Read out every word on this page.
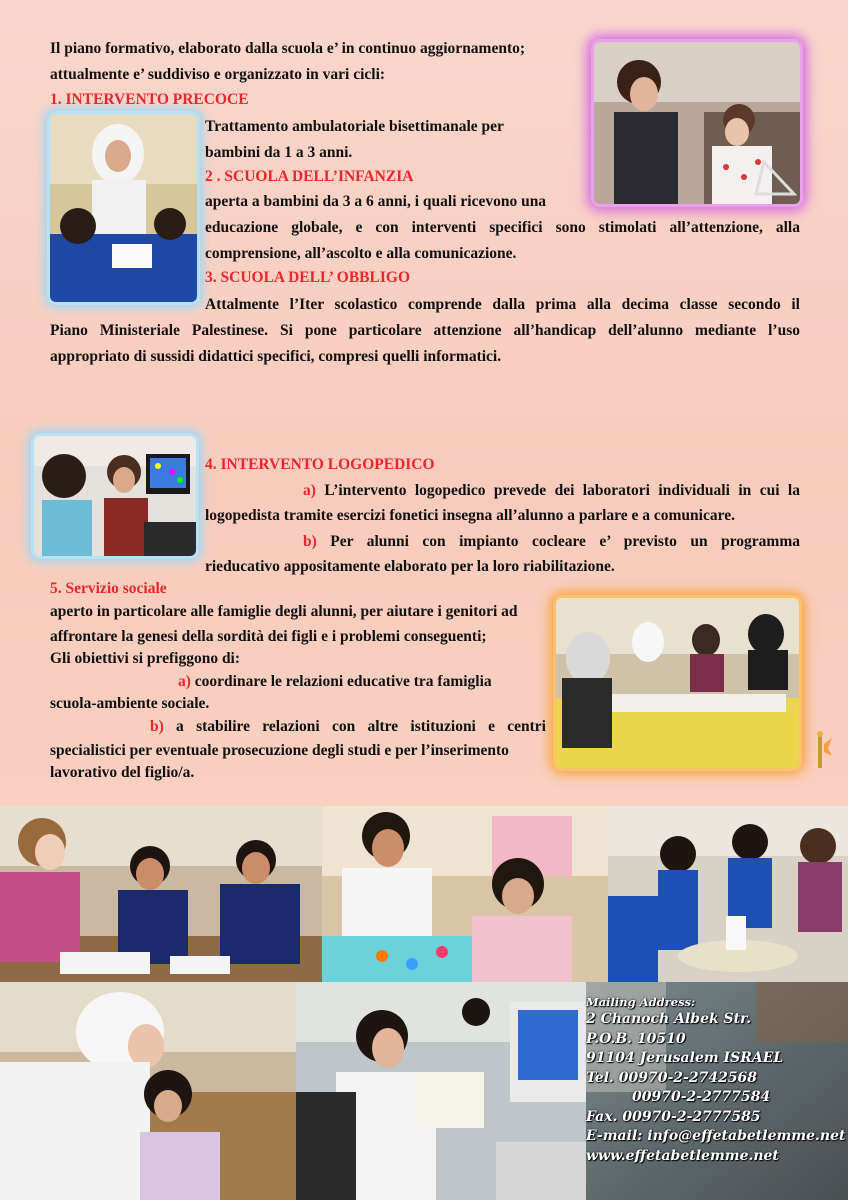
Il piano formativo, elaborato dalla scuola e’ in continuo aggiornamento;
attualmente e’ suddiviso e organizzato in vari cicli:
1. INTERVENTO PRECOCE
Trattamento ambulatoriale bisettimanale per
bambini da 1 a 3 anni.
2 . SCUOLA DELL’INFANZIA
aperta a bambini da 3 a 6 anni, i quali ricevono una
educazione globale, e con interventi specifici sono stimolati all’attenzione, alla
comprensione, all’ascolto e alla comunicazione.
3. SCUOLA DELL’ OBBLIGO
Attalmente l’Iter scolastico comprende dalla prima alla decima classe secondo il
Piano Ministeriale Palestinese. Si pone particolare attenzione all’handicap dell’alunno mediante l’uso
appropriato di sussidi didattici specifici, compresi quelli informatici.
4. INTERVENTO LOGOPEDICO
a) L’intervento logopedico prevede dei laboratori individuali in cui la
logopedista tramite esercizi fonetici insegna all’alunno a parlare e a comunicare.
b) Per alunni con impianto cocleare e’ previsto un programma
rieducativo appositamente elaborato per la loro riabilitazione.
5. Servizio sociale
aperto in particolare alle famiglie degli alunni, per aiutare i genitori ad
affrontare la genesi della sordità dei figli e i problemi conseguenti;
Gli obiettivi si prefiggono di:
a) coordinare le relazioni educative tra famiglia
scuola-ambiente sociale.
b) a stabilire relazioni con altre istituzioni e centri
specialistici per eventuale prosecuzione degli studi e per l’inserimento
lavorativo del figlio/a.
Mailing Address:
2 Chanoch Albek Str.
P.O.B. 10510
91104 Jerusalem ISRAEL
Tel. 00970-2-2742568
00970-2-2777584
Fax. 00970-2-2777585
E-mail: info@effetabetlemme.net
www.effetabetlemme.net
